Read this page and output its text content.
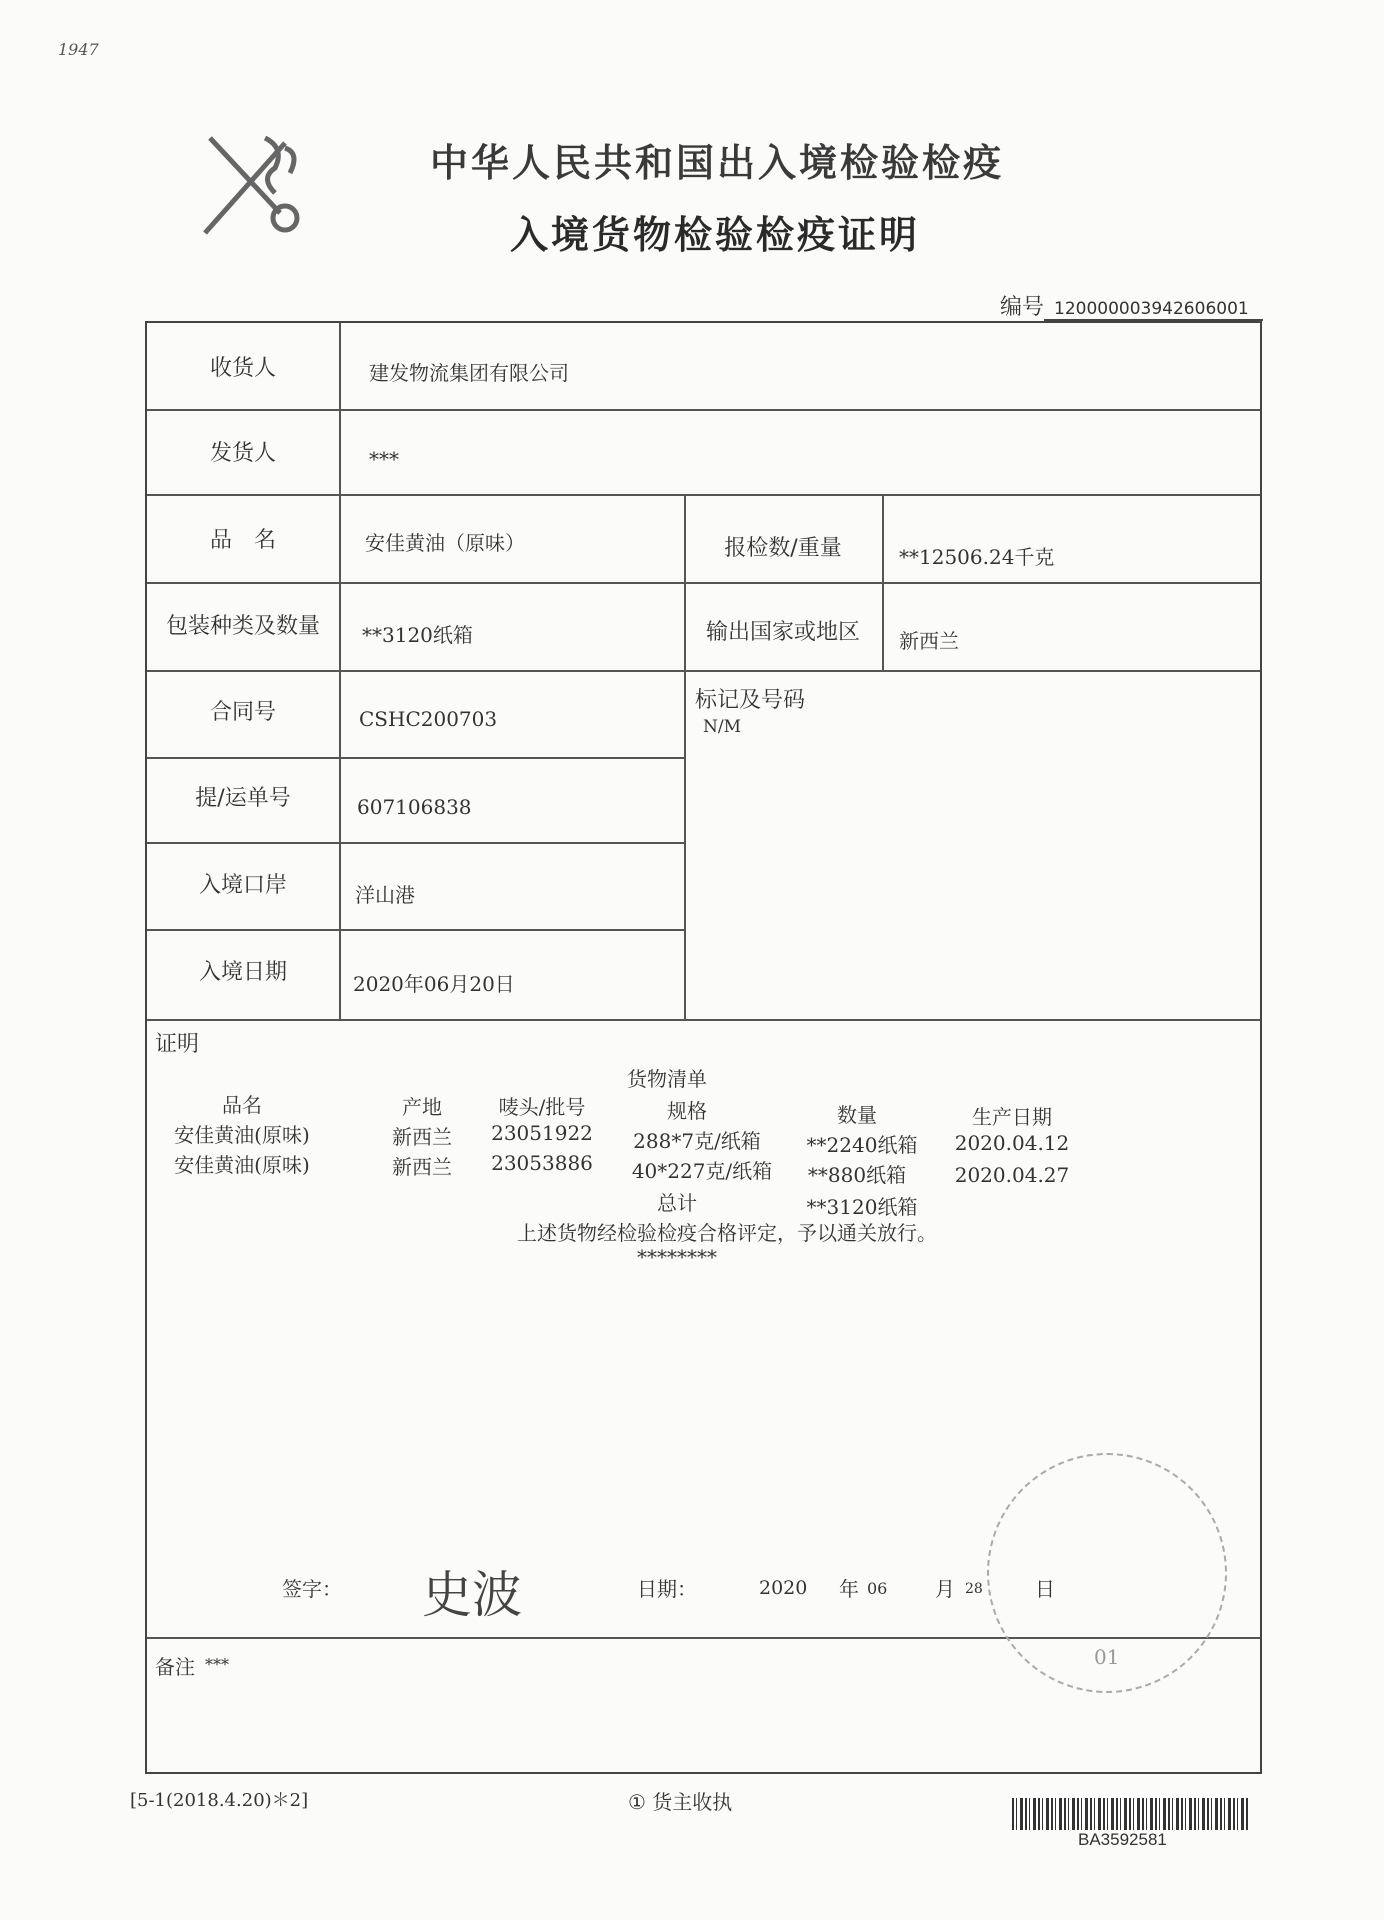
1947
中华人民共和国出入境检验检疫
入境货物检验检疫证明
编号 120000003942606001
收货人	建发物流集团有限公司
发货人	***
品　名	安佳黄油（原味）	报检数/重量	**12506.24千克
包装种类及数量	**3120纸箱	输出国家或地区	新西兰
合同号	CSHC200703
标记及号码
N/M
提/运单号	607106838
入境口岸	洋山港
入境日期	2020年06月20日
证明
货物清单
品名	产地	唛头/批号	规格	数量	生产日期
安佳黄油(原味)	新西兰	23051922	288*7克/纸箱	**2240纸箱	2020.04.12
安佳黄油(原味)	新西兰	23053886	40*227克/纸箱	**880纸箱	2020.04.27
总计	**3120纸箱
上述货物经检验检疫合格评定，予以通关放行。
********
签字： 史波	日期：	2020 年 06 月 28	日
01
备注 ***
[5-1(2018.4.20)＊2]	① 货主收执
BA3592581
